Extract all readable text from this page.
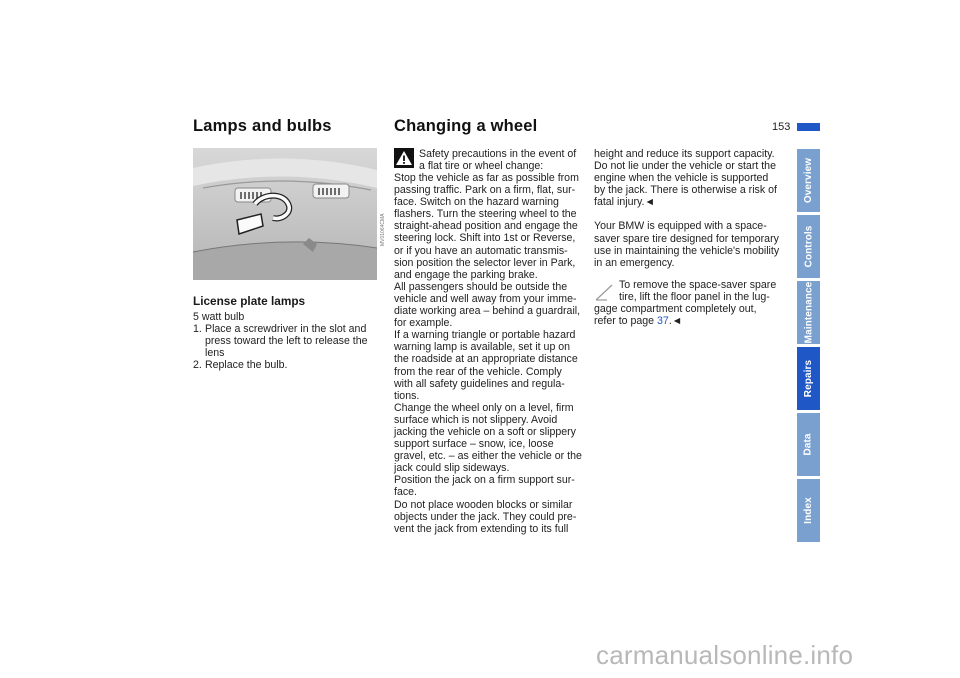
Lamps and bulbs	Changing a wheel	153
Overview
Controls
Maintenance
Repairs
Data
Index
MV01064CMA
License plate lamps
5 watt bulb
1. Place a screwdriver in the slot and
press toward the left to release the
lens
2. Replace the bulb.
Safety precautions in the event of
a flat tire or wheel change:
Stop the vehicle as far as possible from
passing traffic. Park on a firm, flat, sur-
face. Switch on the hazard warning
flashers. Turn the steering wheel to the
straight-ahead position and engage the
steering lock. Shift into 1st or Reverse,
or if you have an automatic transmis-
sion position the selector lever in Park,
and engage the parking brake.
All passengers should be outside the
vehicle and well away from your imme-
diate working area – behind a guardrail,
for example.
If a warning triangle or portable hazard
warning lamp is available, set it up on
the roadside at an appropriate distance
from the rear of the vehicle. Comply
with all safety guidelines and regula-
tions.
Change the wheel only on a level, firm
surface which is not slippery. Avoid
jacking the vehicle on a soft or slippery
support surface – snow, ice, loose
gravel, etc. – as either the vehicle or the
jack could slip sideways.
Position the jack on a firm support sur-
face.
Do not place wooden blocks or similar
objects under the jack. They could pre-
vent the jack from extending to its full
height and reduce its support capacity.
Do not lie under the vehicle or start the
engine when the vehicle is supported
by the jack. There is otherwise a risk of
fatal injury.◄
Your BMW is equipped with a space-
saver spare tire designed for temporary
use in maintaining the vehicle's mobility
in an emergency.
To remove the space-saver spare
tire, lift the floor panel in the lug-
gage compartment completely out,
refer to page 37.◄
carmanualsonline.info
